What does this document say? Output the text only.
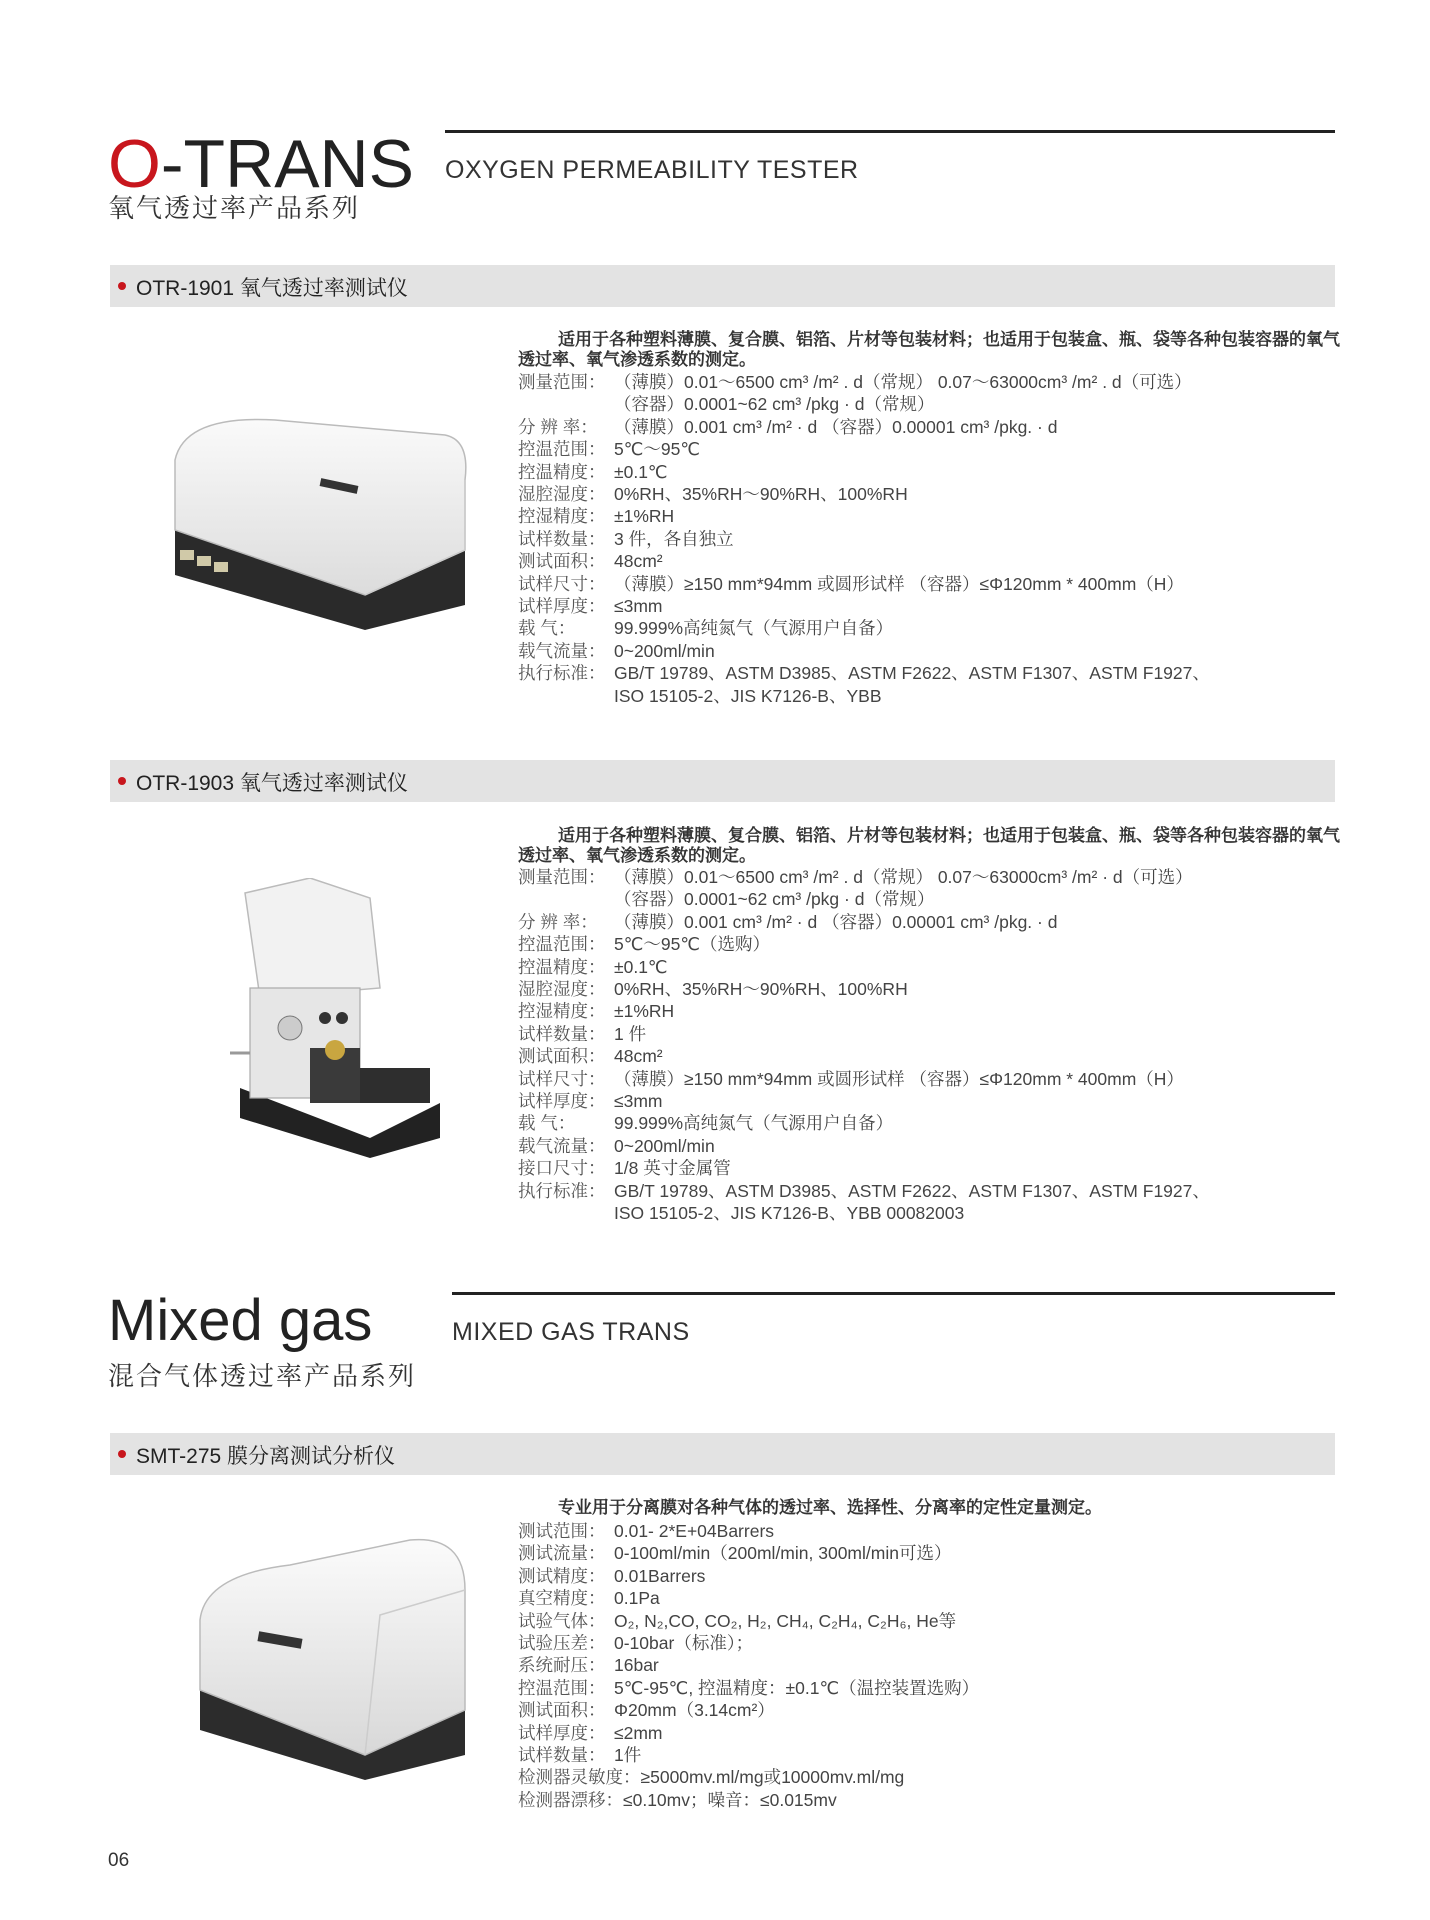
O-TRANS
氧气透过率产品系列
OXYGEN PERMEABILITY TESTER
OTR-1901 氧气透过率测试仪
适用于各种塑料薄膜、复合膜、铝箔、片材等包装材料；也适用于包装盒、瓶、袋等各种包装容器的氧气透过率、氧气渗透系数的测定。
测量范围： （薄膜）0.01～6500 cm³ /m² . d（常规） 0.07～63000cm³ /m² . d（可选）
（容器）0.0001~62 cm³ /pkg · d（常规）
分 辨 率： （薄膜）0.001 cm³ /m² · d （容器）0.00001 cm³ /pkg. · d
控温范围： 5℃～95℃
控温精度： ±0.1℃
湿腔湿度： 0%RH、35%RH～90%RH、100%RH
控湿精度： ±1%RH
试样数量： 3 件，各自独立
测试面积： 48cm²
试样尺寸： （薄膜）≥150 mm*94mm 或圆形试样 （容器）≤Φ120mm * 400mm（H）
试样厚度： ≤3mm
载 气：	99.999%高纯氮气（气源用户自备）
载气流量： 0~200ml/min
执行标准： GB/T 19789、ASTM D3985、ASTM F2622、ASTM F1307、ASTM F1927、
ISO 15105-2、JIS K7126-B、YBB
OTR-1903 氧气透过率测试仪
适用于各种塑料薄膜、复合膜、铝箔、片材等包装材料；也适用于包装盒、瓶、袋等各种包装容器的氧气透过率、氧气渗透系数的测定。
测量范围： （薄膜）0.01～6500 cm³ /m² . d（常规） 0.07～63000cm³ /m² · d（可选）
（容器）0.0001~62 cm³ /pkg · d（常规）
分 辨 率： （薄膜）0.001 cm³ /m² · d （容器）0.00001 cm³ /pkg. · d
控温范围： 5℃～95℃（选购）
控温精度： ±0.1℃
湿腔湿度： 0%RH、35%RH～90%RH、100%RH
控湿精度： ±1%RH
试样数量： 1 件
测试面积： 48cm²
试样尺寸： （薄膜）≥150 mm*94mm 或圆形试样 （容器）≤Φ120mm * 400mm（H）
试样厚度： ≤3mm
载 气：	99.999%高纯氮气（气源用户自备）
载气流量： 0~200ml/min
接口尺寸： 1/8 英寸金属管
执行标准： GB/T 19789、ASTM D3985、ASTM F2622、ASTM F1307、ASTM F1927、
ISO 15105-2、JIS K7126-B、YBB 00082003
Mixed gas
混合气体透过率产品系列
MIXED GAS TRANS
SMT-275 膜分离测试分析仪
专业用于分离膜对各种气体的透过率、选择性、分离率的定性定量测定。
测试范围： 0.01- 2*E+04Barrers
测试流量： 0-100ml/min（200ml/min, 300ml/min可选）
测试精度： 0.01Barrers
真空精度： 0.1Pa
试验气体： O₂, N₂,CO, CO₂, H₂, CH₄, C₂H₄, C₂H₆, He等
试验压差： 0-10bar（标准）；
系统耐压： 16bar
控温范围： 5℃-95℃, 控温精度：±0.1℃（温控装置选购）
测试面积： Φ20mm（3.14cm²）
试样厚度： ≤2mm
试样数量： 1件
检测器灵敏度： ≥5000mv.ml/mg或10000mv.ml/mg
检测器漂移： ≤0.10mv；噪音：≤0.015mv
06
